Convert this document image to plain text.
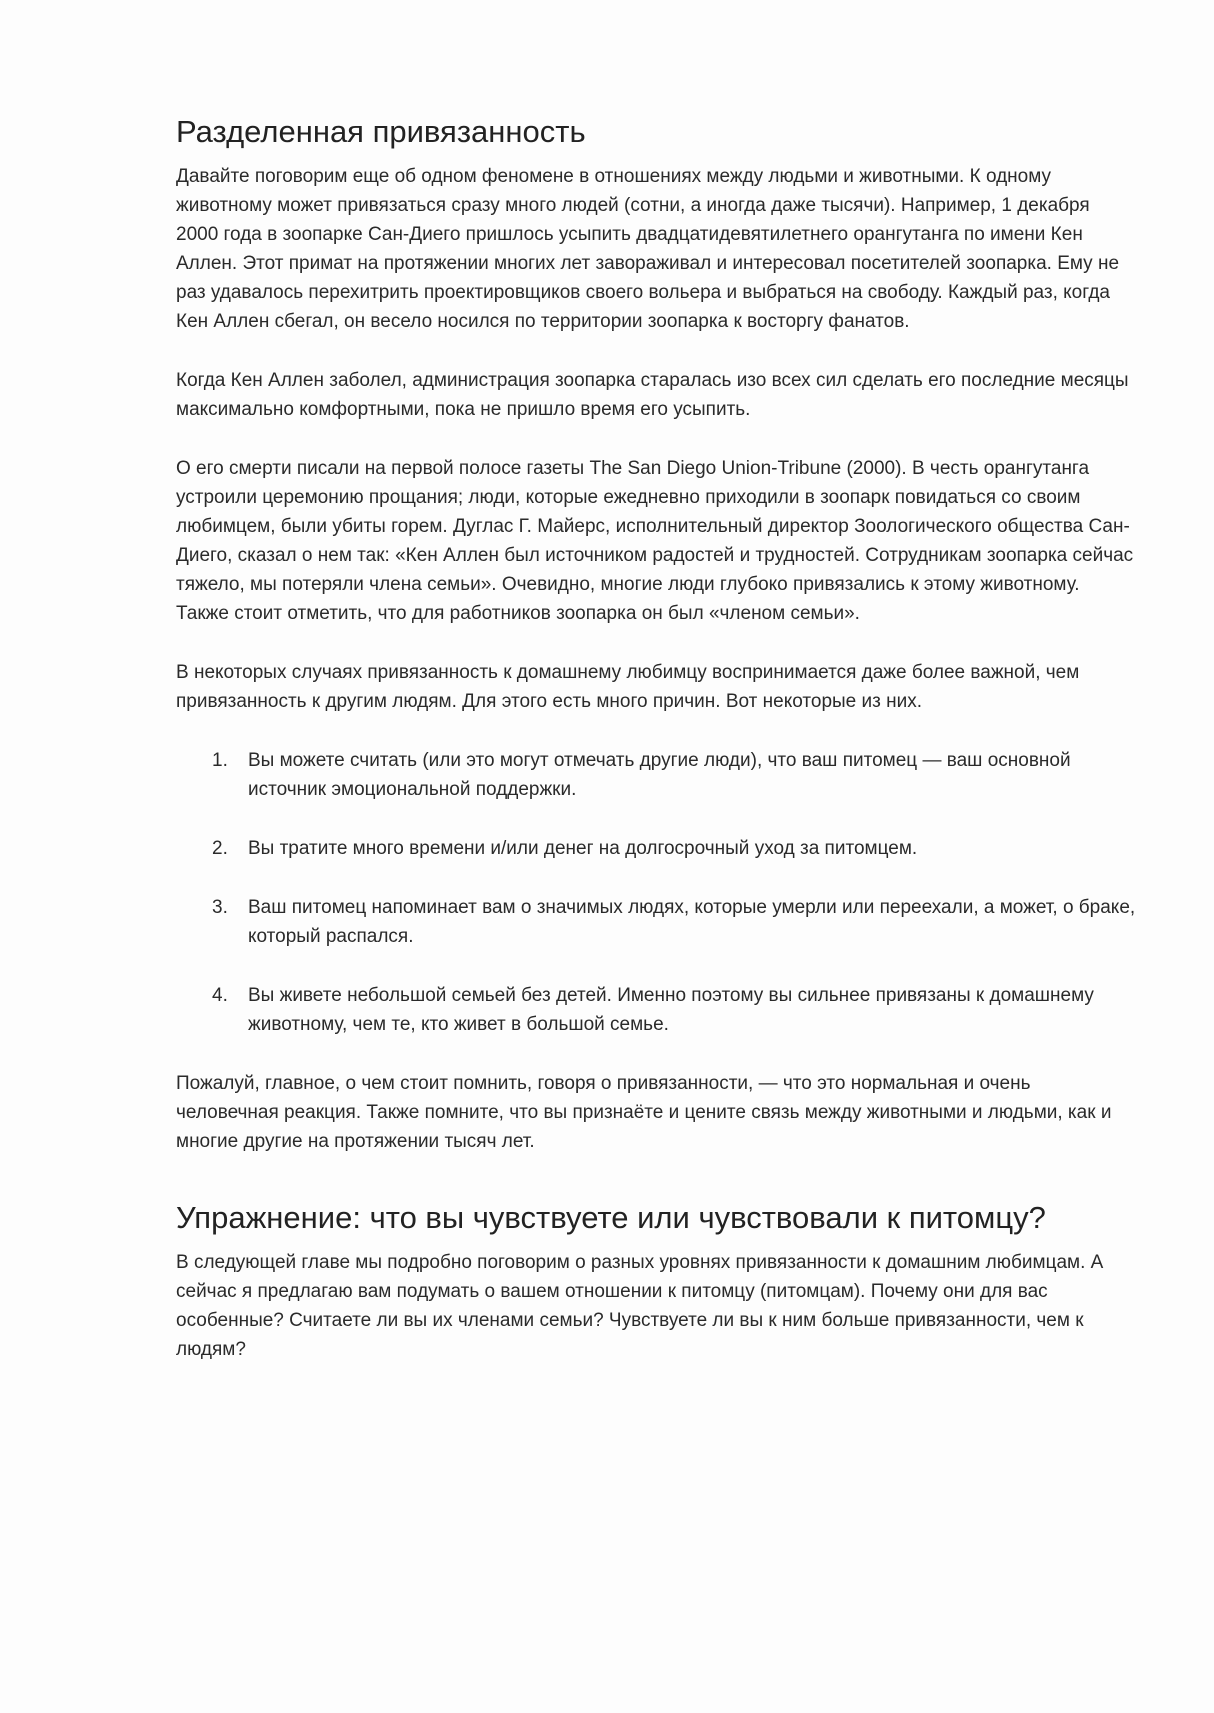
Разделенная привязанность

Давайте поговорим еще об одном феномене в отношениях между людьми и животными. К одному животному может привязаться сразу много людей (сотни, а иногда даже тысячи). Например, 1 декабря 2000 года в зоопарке Сан-Диего пришлось усыпить двадцатидевятилетнего орангутанга по имени Кен Аллен. Этот примат на протяжении многих лет завораживал и интересовал посетителей зоопарка. Ему не раз удавалось перехитрить проектировщиков своего вольера и выбраться на свободу. Каждый раз, когда Кен Аллен сбегал, он весело носился по территории зоопарка к восторгу фанатов.

Когда Кен Аллен заболел, администрация зоопарка старалась изо всех сил сделать его последние месяцы максимально комфортными, пока не пришло время его усыпить.

О его смерти писали на первой полосе газеты The San Diego Union-Tribune (2000). В честь орангутанга устроили церемонию прощания; люди, которые ежедневно приходили в зоопарк повидаться со своим любимцем, были убиты горем. Дуглас Г. Майерс, исполнительный директор Зоологического общества Сан-Диего, сказал о нем так: «Кен Аллен был источником радостей и трудностей. Сотрудникам зоопарка сейчас тяжело, мы потеряли члена семьи». Очевидно, многие люди глубоко привязались к этому животному. Также стоит отметить, что для работников зоопарка он был «членом семьи».

В некоторых случаях привязанность к домашнему любимцу воспринимается даже более важной, чем привязанность к другим людям. Для этого есть много причин. Вот некоторые из них.

1.	Вы можете считать (или это могут отмечать другие люди), что ваш питомец — ваш основной источник эмоциональной поддержки.
2.	Вы тратите много времени и/или денег на долгосрочный уход за питомцем.
3.	Ваш питомец напоминает вам о значимых людях, которые умерли или переехали, а может, о браке, который распался.
4.	Вы живете небольшой семьей без детей. Именно поэтому вы сильнее привязаны к домашнему животному, чем те, кто живет в большой семье.

Пожалуй, главное, о чем стоит помнить, говоря о привязанности, — что это нормальная и очень человечная реакция. Также помните, что вы признаёте и цените связь между животными и людьми, как и многие другие на протяжении тысяч лет.

Упражнение: что вы чувствуете или чувствовали к питомцу?

В следующей главе мы подробно поговорим о разных уровнях привязанности к домашним любимцам. А сейчас я предлагаю вам подумать о вашем отношении к питомцу (питомцам). Почему они для вас особенные? Считаете ли вы их членами семьи? Чувствуете ли вы к ним больше привязанности, чем к людям?
